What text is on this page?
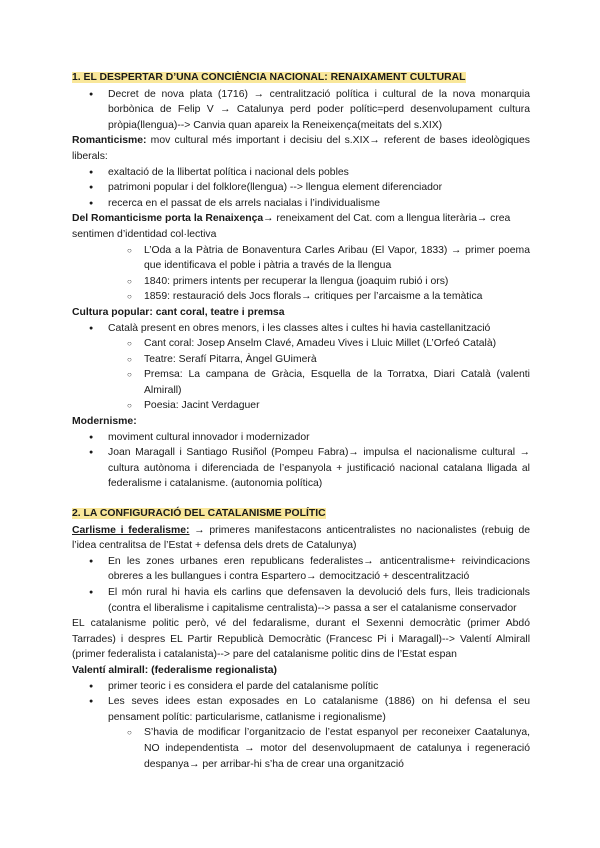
1. EL DESPERTAR D’UNA CONCIÈNCIA NACIONAL: RENAIXAMENT CULTURAL

● Decret de nova plata (1716) → centralització política i cultural de la nova monarquia borbònica de Felip V → Catalunya perd poder polític=perd desenvolupament cultura pròpia(llengua)--> Canvia quan apareix la Reneixença(meitats del s.XIX)

Romanticisme: mov cultural més important i decisiu del s.XIX→ referent de bases ideològiques liberals:

● exaltació de la llibertat política i nacional dels pobles
● patrimoni popular i del folklore(llengua) --> llengua element diferenciador
● recerca en el passat de els arrels nacialas i l’individualisme

Del Romanticisme porta la Renaixença→ reneixament del Cat. com a llengua literària→ crea sentimen d’identidad col·lectiva

○ L’Oda a la Pàtria de Bonaventura Carles Aribau (El Vapor, 1833) → primer poema que identificava el poble i pàtria a través de la llengua
○ 1840: primers intents per recuperar la llengua (joaquim rubió i ors)
○ 1859: restauració dels Jocs florals→ critiques per l’arcaisme a la temàtica

Cultura popular: cant coral, teatre i premsa

● Català present en obres menors, i les classes altes i cultes hi havia castellanització
○ Cant coral: Josep Anselm Clavé, Amadeu Vives i Lluic Millet (L’Orfeó Català)
○ Teatre: Serafí Pitarra, Àngel GUimerà
○ Premsa: La campana de Gràcia, Esquella de la Torratxa, Diari Català (valenti Almirall)
○ Poesia: Jacint Verdaguer

Modernisme:

● moviment cultural innovador i modernizador
● Joan Maragall i Santiago Rusiñol (Pompeu Fabra)→ impulsa el nacionalisme cultural → cultura autònoma i diferenciada de l’espanyola + justificació nacional catalana lligada al federalisme i catalanisme. (autonomia política)

2. LA CONFIGURACIÓ DEL CATALANISME POLÍTIC

Carlisme i federalisme: → primeres manifestacons anticentralistes no nacionalistes (rebuig de l’idea centralitsa de l’Estat + defensa dels drets de Catalunya)

● En les zones urbanes eren republicans federalistes→ anticentralisme+ reivindicacions obreres a les bullangues i contra Espartero→ democització + descentralització
● El món rural hi havia els carlins que defensaven la devolució dels furs, lleis tradicionals (contra el liberalisme i capitalisme centralista)--> passa a ser el catalanisme conservador

EL catalanisme politic però, vé del fedaralisme, durant el Sexenni democràtic (primer Abdó Tarrades) i despres EL Partir Republicà Democràtic (Francesc Pi i Maragall)--> Valentí Almirall (primer federalista i catalanista)--> pare del catalanisme politic dins de l’Estat espan

Valentí almirall: (federalisme regionalista)

● primer teoric i es considera el parde del catalanisme polític
● Les seves idees estan exposades en Lo catalanisme (1886) on hi defensa el seu pensament polític: particularisme, catlanisme i regionalisme)
○ S’havia de modificar l’organitzacio de l’estat espanyol per reconeixer Caatalunya, NO independentista → motor del desenvolupmaent de catalunya i regeneració despanya→ per arribar-hi s’ha de crear una organització
